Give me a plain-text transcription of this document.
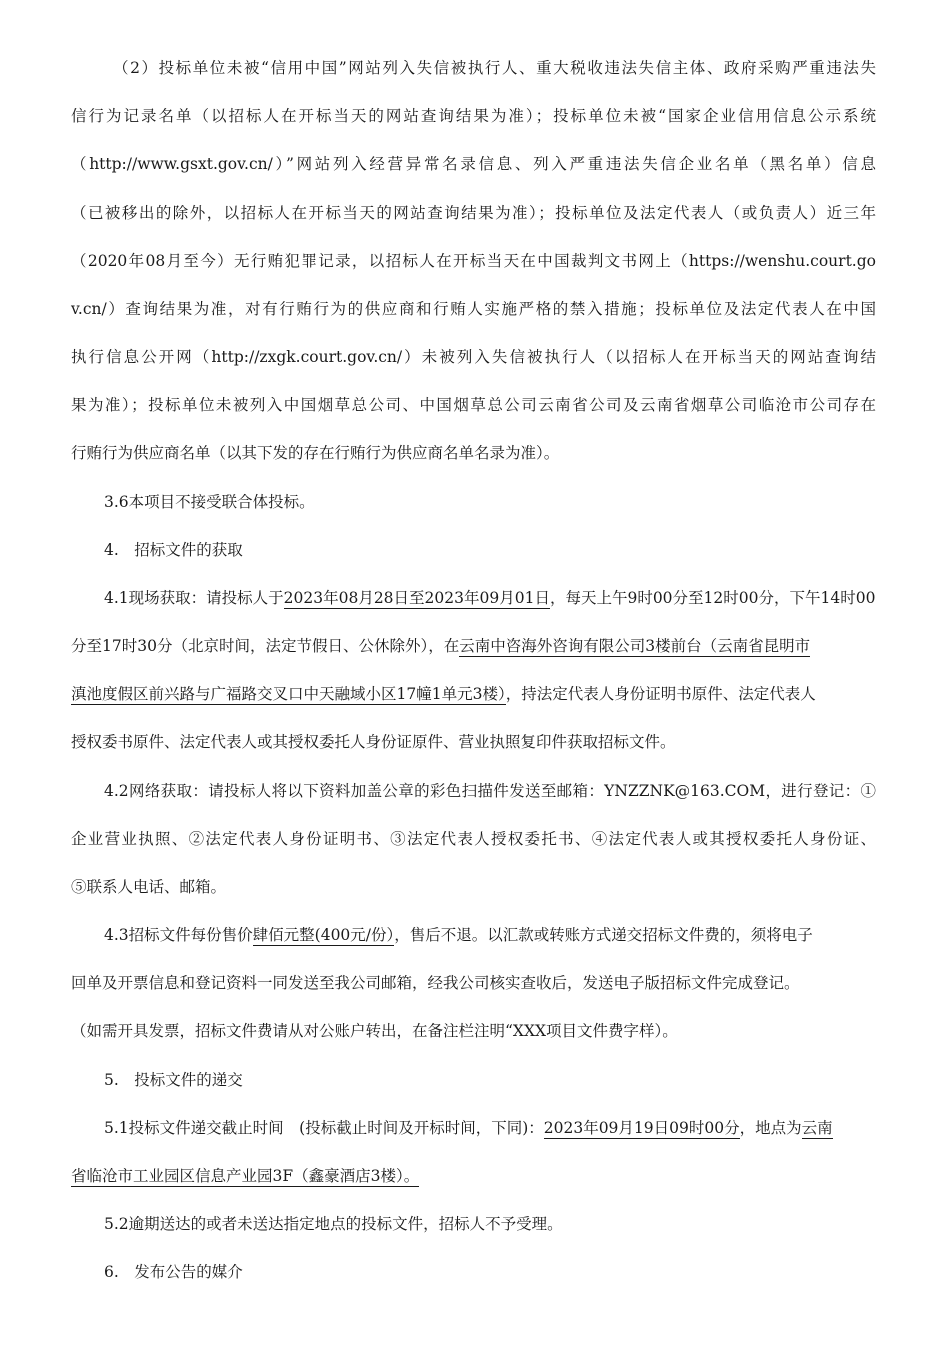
（2）投标单位未被“信用中国”网站列入失信被执行人、重大税收违法失信主体、政府采购严重违法失
信行为记录名单（以招标人在开标当天的网站查询结果为准）；投标单位未被“国家企业信用信息公示系统
（http://www.gsxt.gov.cn/）”网站列入经营异常名录信息、列入严重违法失信企业名单（黑名单）信息
（已被移出的除外，以招标人在开标当天的网站查询结果为准）；投标单位及法定代表人（或负责人）近三年
（2020年08月至今）无行贿犯罪记录，以招标人在开标当天在中国裁判文书网上（https://wenshu.court.go
v.cn/）查询结果为准，对有行贿行为的供应商和行贿人实施严格的禁入措施；投标单位及法定代表人在中国
执行信息公开网（http://zxgk.court.gov.cn/）未被列入失信被执行人（以招标人在开标当天的网站查询结
果为准）；投标单位未被列入中国烟草总公司、中国烟草总公司云南省公司及云南省烟草公司临沧市公司存在
行贿行为供应商名单（以其下发的存在行贿行为供应商名单名录为准）。
3.6本项目不接受联合体投标。
4.　招标文件的获取
4.1现场获取：请投标人于2023年08月28日至2023年09月01日，每天上午9时00分至12时00分，下午14时00
分至17时30分（北京时间，法定节假日、公休除外），在云南中咨海外咨询有限公司3楼前台（云南省昆明市
滇池度假区前兴路与广福路交叉口中天融域小区17幢1单元3楼），持法定代表人身份证明书原件、法定代表人
授权委书原件、法定代表人或其授权委托人身份证原件、营业执照复印件获取招标文件。
4.2网络获取：请投标人将以下资料加盖公章的彩色扫描件发送至邮箱：YNZZNK@163.COM，进行登记：①
企业营业执照、②法定代表人身份证明书、③法定代表人授权委托书、④法定代表人或其授权委托人身份证、
⑤联系人电话、邮箱。
4.3招标文件每份售价肆佰元整(400元/份），售后不退。以汇款或转账方式递交招标文件费的，须将电子
回单及开票信息和登记资料一同发送至我公司邮箱，经我公司核实查收后，发送电子版招标文件完成登记。
（如需开具发票，招标文件费请从对公账户转出，在备注栏注明“XXX项目文件费字样）。
5.　投标文件的递交
5.1投标文件递交截止时间　(投标截止时间及开标时间，下同)：2023年09月19日09时00分，地点为云南
省临沧市工业园区信息产业园3F（鑫豪酒店3楼）。
5.2逾期送达的或者未送达指定地点的投标文件，招标人不予受理。
6.　发布公告的媒介
